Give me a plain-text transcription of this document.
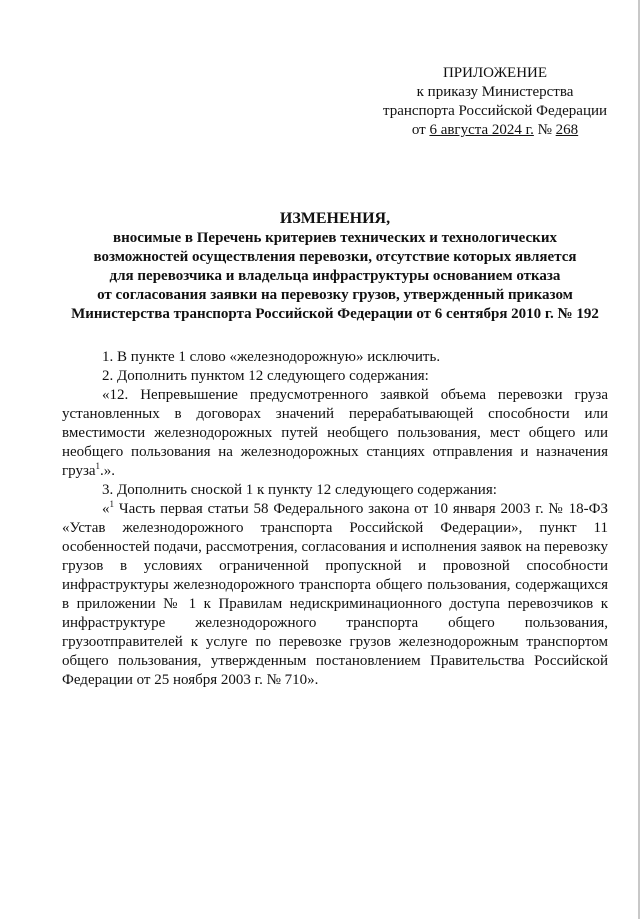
ПРИЛОЖЕНИЕ
к приказу Министерства
транспорта Российской Федерации
от 6 августа 2024 г. № 268
ИЗМЕНЕНИЯ,
вносимые в Перечень критериев технических и технологических
возможностей осуществления перевозки, отсутствие которых является
для перевозчика и владельца инфраструктуры основанием отказа
от согласования заявки на перевозку грузов, утвержденный приказом
Министерства транспорта Российской Федерации от 6 сентября 2010 г. № 192

1. В пункте 1 слово «железнодорожную» исключить.

2. Дополнить пунктом 12 следующего содержания:

«12. Непревышение предусмотренного заявкой объема перевозки груза установленных в договорах значений перерабатывающей способности или вместимости железнодорожных путей необщего пользования, мест общего или необщего пользования на железнодорожных станциях отправления и назначения груза$^1$.».

3. Дополнить сноской 1 к пункту 12 следующего содержания:

«$^1$ Часть первая статьи 58 Федерального закона от 10 января 2003 г. № 18-ФЗ «Устав железнодорожного транспорта Российской Федерации», пункт 11 особенностей подачи, рассмотрения, согласования и исполнения заявок на перевозку грузов в условиях ограниченной пропускной и провозной способности инфраструктуры железнодорожного транспорта общего пользования, содержащихся в приложении № 1 к Правилам недискриминационного доступа перевозчиков к инфраструктуре железнодорожного транспорта общего пользования, грузоотправителей к услуге по перевозке грузов железнодорожным транспортом общего пользования, утвержденным постановлением Правительства Российской Федерации от 25 ноября 2003 г. № 710».
